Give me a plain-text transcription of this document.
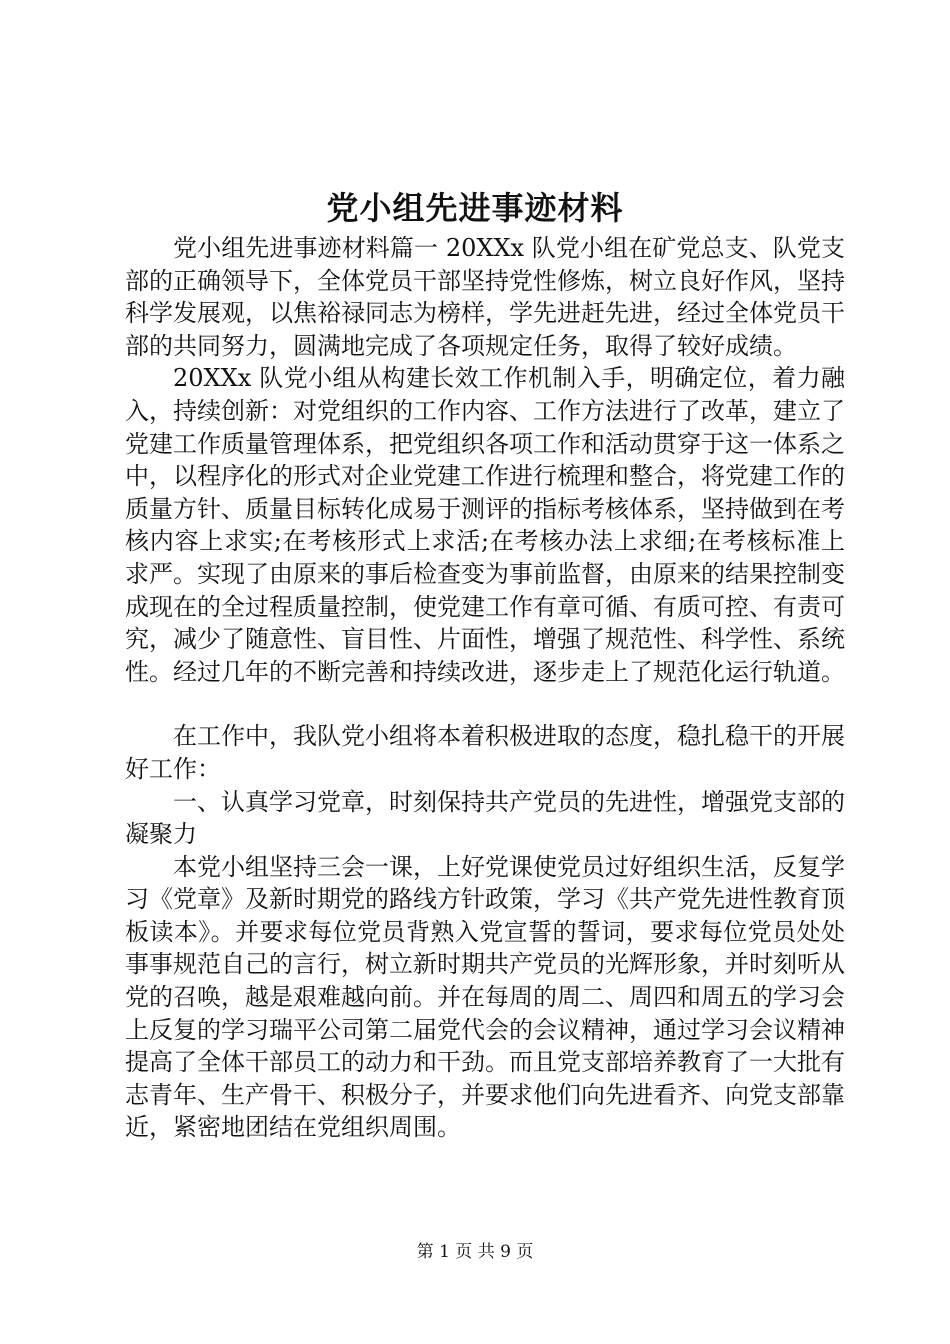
党小组先进事迹材料

党小组先进事迹材料篇一 20XXx 队党小组在矿党总支、队党支部的正确领导下，全体党员干部坚持党性修炼，树立良好作风，坚持科学发展观，以焦裕禄同志为榜样，学先进赶先进，经过全体党员干部的共同努力，圆满地完成了各项规定任务，取得了较好成绩。

20XXx 队党小组从构建长效工作机制入手，明确定位，着力融入，持续创新：对党组织的工作内容、工作方法进行了改革，建立了党建工作质量管理体系，把党组织各项工作和活动贯穿于这一体系之中，以程序化的形式对企业党建工作进行梳理和整合，将党建工作的质量方针、质量目标转化成易于测评的指标考核体系，坚持做到在考核内容上求实;在考核形式上求活;在考核办法上求细;在考核标准上求严。实现了由原来的事后检查变为事前监督，由原来的结果控制变成现在的全过程质量控制，使党建工作有章可循、有质可控、有责可究，减少了随意性、盲目性、片面性，增强了规范性、科学性、系统性。经过几年的不断完善和持续改进，逐步走上了规范化运行轨道。

在工作中，我队党小组将本着积极进取的态度，稳扎稳干的开展好工作：

一、认真学习党章，时刻保持共产党员的先进性，增强党支部的凝聚力

本党小组坚持三会一课，上好党课使党员过好组织生活，反复学习《党章》及新时期党的路线方针政策，学习《共产党先进性教育顶板读本》。并要求每位党员背熟入党宣誓的誓词，要求每位党员处处事事规范自己的言行，树立新时期共产党员的光辉形象，并时刻听从党的召唤，越是艰难越向前。并在每周的周二、周四和周五的学习会上反复的学习瑞平公司第二届党代会的会议精神，通过学习会议精神提高了全体干部员工的动力和干劲。而且党支部培养教育了一大批有志青年、生产骨干、积极分子，并要求他们向先进看齐、向党支部靠近，紧密地团结在党组织周围。

第 1 页 共 9 页
